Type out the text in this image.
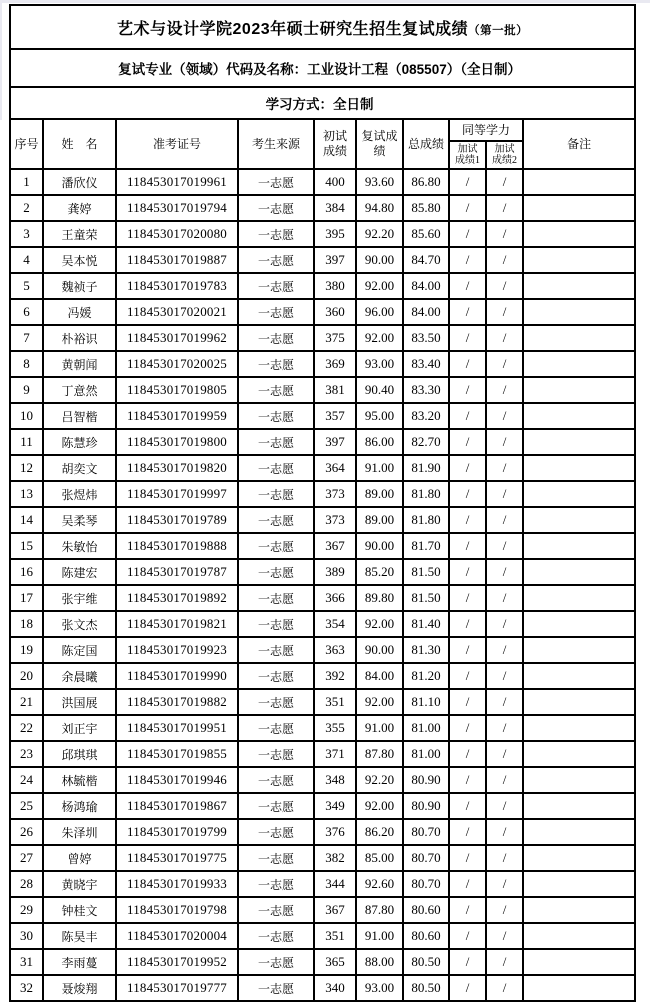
艺术与设计学院2023年硕士研究生招生复试成绩（第一批）									
复试专业（领域）代码及名称：工业设计工程（085507）（全日制）									
学习方式：全日制									
序号	姓　名	准考证号	考生来源	初试成绩	复试成绩	总成绩	同等学力		备注
							加试成绩1	加试成绩2	
1	潘欣仪	118453017019961	一志愿	400	93.60	86.80	/	/	
2	龚婷	118453017019794	一志愿	384	94.80	85.80	/	/	
3	王童荣	118453017020080	一志愿	395	92.20	85.60	/	/	
4	吴本悦	118453017019887	一志愿	397	90.00	84.70	/	/	
5	魏祯子	118453017019783	一志愿	380	92.00	84.00	/	/	
6	冯媛	118453017020021	一志愿	360	96.00	84.00	/	/	
7	朴裕识	118453017019962	一志愿	375	92.00	83.50	/	/	
8	黄朝闻	118453017020025	一志愿	369	93.00	83.40	/	/	
9	丁意然	118453017019805	一志愿	381	90.40	83.30	/	/	
10	吕智楷	118453017019959	一志愿	357	95.00	83.20	/	/	
11	陈慧珍	118453017019800	一志愿	397	86.00	82.70	/	/	
12	胡奕文	118453017019820	一志愿	364	91.00	81.90	/	/	
13	张煜炜	118453017019997	一志愿	373	89.00	81.80	/	/	
14	吴柔琴	118453017019789	一志愿	373	89.00	81.80	/	/	
15	朱敏怡	118453017019888	一志愿	367	90.00	81.70	/	/	
16	陈建宏	118453017019787	一志愿	389	85.20	81.50	/	/	
17	张宇维	118453017019892	一志愿	366	89.80	81.50	/	/	
18	张文杰	118453017019821	一志愿	354	92.00	81.40	/	/	
19	陈定国	118453017019923	一志愿	363	90.00	81.30	/	/	
20	余晨曦	118453017019990	一志愿	392	84.00	81.20	/	/	
21	洪国展	118453017019882	一志愿	351	92.00	81.10	/	/	
22	刘正宇	118453017019951	一志愿	355	91.00	81.00	/	/	
23	邱琪琪	118453017019855	一志愿	371	87.80	81.00	/	/	
24	林毓楷	118453017019946	一志愿	348	92.20	80.90	/	/	
25	杨鸿瑜	118453017019867	一志愿	349	92.00	80.90	/	/	
26	朱泽圳	118453017019799	一志愿	376	86.20	80.70	/	/	
27	曾婷	118453017019775	一志愿	382	85.00	80.70	/	/	
28	黄晓宇	118453017019933	一志愿	344	92.60	80.70	/	/	
29	钟桂文	118453017019798	一志愿	367	87.80	80.60	/	/	
30	陈昊丰	118453017020004	一志愿	351	91.00	80.60	/	/	
31	李雨蔓	118453017019952	一志愿	365	88.00	80.50	/	/	
32	聂焌翔	118453017019777	一志愿	340	93.00	80.50	/	/	
